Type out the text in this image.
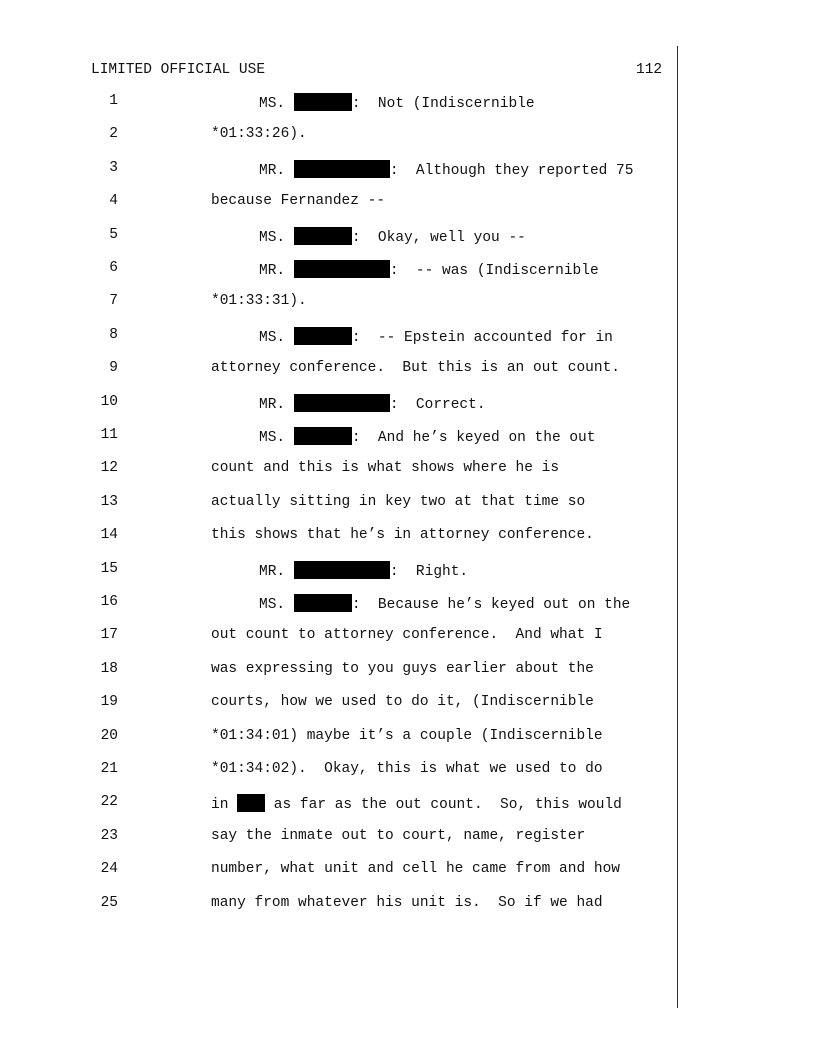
LIMITED OFFICIAL USE	112
1	MS.	:  Not (Indiscernible
2	*01:33:26).
3	MR.	:  Although they reported 75
4	because Fernandez --
5	MS.	:  Okay, well you --
6	MR.	:  -- was (Indiscernible
7	*01:33:31).
8	MS.	:  -- Epstein accounted for in
9	attorney conference.  But this is an out count.
10	MR.	:  Correct.
11	MS.	:  And he’s keyed on the out
12	count and this is what shows where he is
13	actually sitting in key two at that time so
14	this shows that he’s in attorney conference.
15	MR.	:  Right.
16	MS.	:  Because he’s keyed out on the
17	out count to attorney conference.  And what I
18	was expressing to you guys earlier about the
19	courts, how we used to do it, (Indiscernible
20	*01:34:01) maybe it’s a couple (Indiscernible
21	*01:34:02).  Okay, this is what we used to do
22	in  as far as the out count.  So, this would
23	say the inmate out to court, name, register
24	number, what unit and cell he came from and how
25	many from whatever his unit is.  So if we had
